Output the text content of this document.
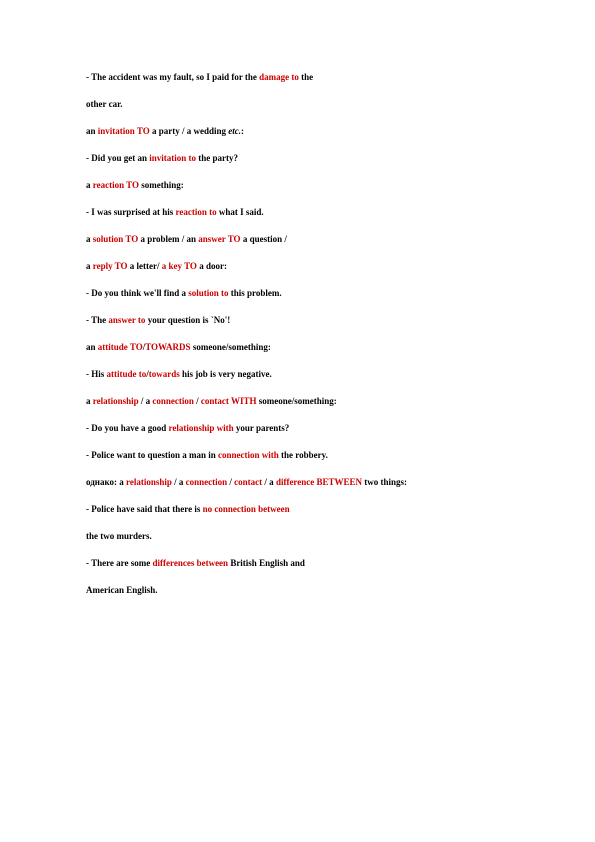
- The accident was my fault, so I paid for the damage to the
other car.
an invitation TO a party / a wedding etc.:
- Did you get an invitation to the party?
a reaction TO something:
- I was surprised at his reaction to what I said.
a solution TO a problem / an answer TO a question /
a reply TO a letter/ a key TO a door:
- Do you think we'll find a solution to this problem.
- The answer to your question is `No'!
an attitude TO/TOWARDS someone/something:
- His attitude to/towards his job is very negative.
a relationship / a connection / contact WITH someone/something:
- Do you have a good relationship with your parents?
- Police want to question a man in connection with the robbery.
однако: a relationship / a connection / contact / a difference BETWEEN two things:
- Police have said that there is no connection between
the two murders.
- There are some differences between British English and
American English.
